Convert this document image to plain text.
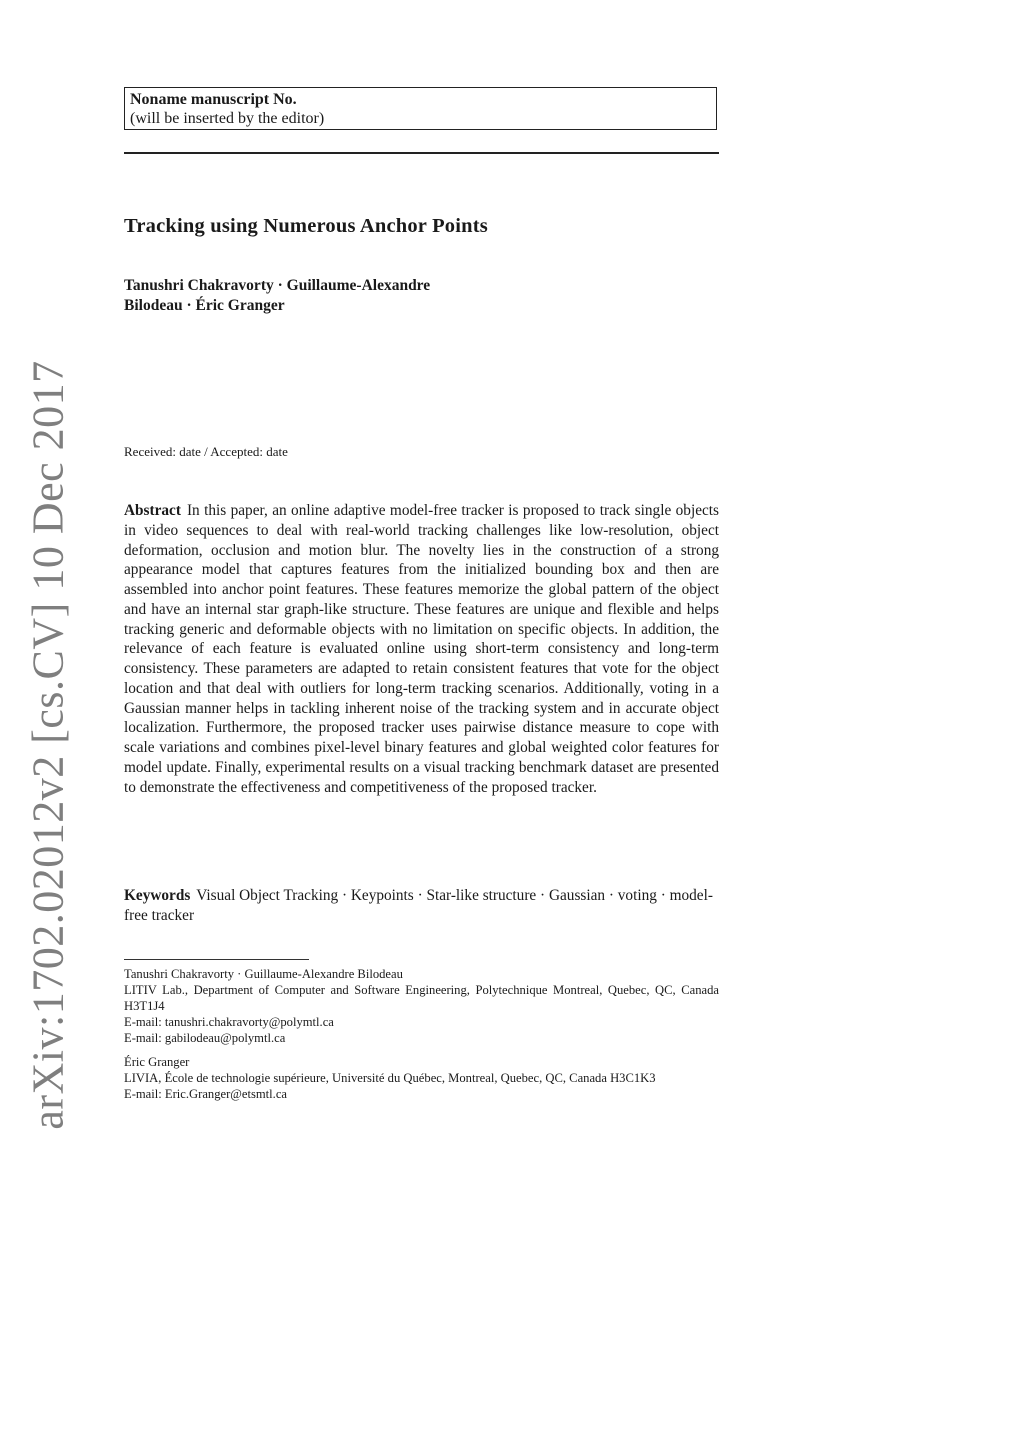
arXiv:1702.02012v2 [cs.CV] 10 Dec 2017
Noname manuscript No.
(will be inserted by the editor)
Tracking using Numerous Anchor Points
Tanushri Chakravorty · Guillaume-Alexandre
Bilodeau · Éric Granger
Received: date / Accepted: date
Abstract In this paper, an online adaptive model-free tracker is proposed to track single objects in video sequences to deal with real-world tracking challenges like low-resolution, object deformation, occlusion and motion blur. The novelty lies in the construction of a strong appearance model that captures features from the initialized bounding box and then are assembled into anchor point features. These features memorize the global pattern of the object and have an internal star graph-like structure. These features are unique and flexible and helps tracking generic and deformable objects with no limitation on specific objects. In addition, the relevance of each feature is evaluated online using short-term consistency and long-term consistency. These parameters are adapted to retain consistent features that vote for the object location and that deal with outliers for long-term tracking scenarios. Additionally, voting in a Gaussian manner helps in tackling inherent noise of the tracking system and in accurate object localization. Furthermore, the proposed tracker uses pairwise distance measure to cope with scale variations and combines pixel-level binary features and global weighted color features for model update. Finally, experimental results on a visual tracking benchmark dataset are presented to demonstrate the effectiveness and competitiveness of the proposed tracker.
Keywords Visual Object Tracking · Keypoints · Star-like structure · Gaussian · voting · model-free tracker
Tanushri Chakravorty · Guillaume-Alexandre Bilodeau
LITIV Lab., Department of Computer and Software Engineering, Polytechnique Montreal, Quebec, QC, Canada H3T1J4
E-mail: tanushri.chakravorty@polymtl.ca
E-mail: gabilodeau@polymtl.ca
Éric Granger
LIVIA, École de technologie supérieure, Université du Québec, Montreal, Quebec, QC, Canada H3C1K3
E-mail: Eric.Granger@etsmtl.ca
